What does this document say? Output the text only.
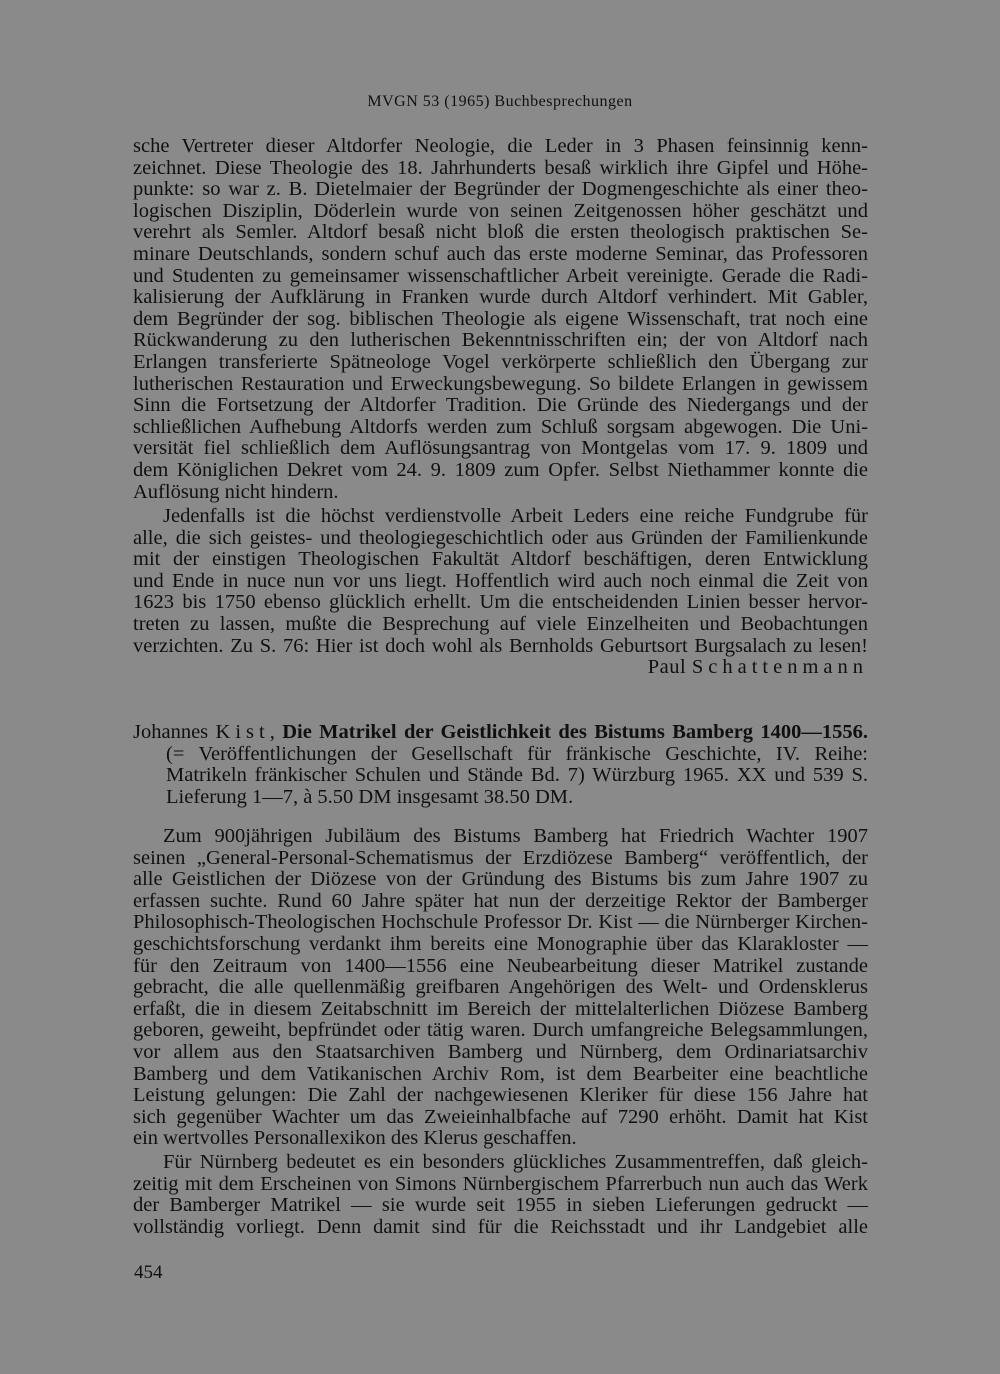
MVGN 53 (1965) Buchbesprechungen
sche Vertreter dieser Altdorfer Neologie, die Leder in 3 Phasen feinsinnig kenn-
zeichnet. Diese Theologie des 18. Jahrhunderts besaß wirklich ihre Gipfel und Höhe-
punkte: so war z. B. Dietelmaier der Begründer der Dogmengeschichte als einer theo-
logischen Disziplin, Döderlein wurde von seinen Zeitgenossen höher geschätzt und
verehrt als Semler. Altdorf besaß nicht bloß die ersten theologisch praktischen Se-
minare Deutschlands, sondern schuf auch das erste moderne Seminar, das Professoren
und Studenten zu gemeinsamer wissenschaftlicher Arbeit vereinigte. Gerade die Radi-
kalisierung der Aufklärung in Franken wurde durch Altdorf verhindert. Mit Gabler,
dem Begründer der sog. biblischen Theologie als eigene Wissenschaft, trat noch eine
Rückwanderung zu den lutherischen Bekenntnisschriften ein; der von Altdorf nach
Erlangen transferierte Spätneologe Vogel verkörperte schließlich den Übergang zur
lutherischen Restauration und Erweckungsbewegung. So bildete Erlangen in gewissem
Sinn die Fortsetzung der Altdorfer Tradition. Die Gründe des Niedergangs und der
schließlichen Aufhebung Altdorfs werden zum Schluß sorgsam abgewogen. Die Uni-
versität fiel schließlich dem Auflösungsantrag von Montgelas vom 17. 9. 1809 und
dem Königlichen Dekret vom 24. 9. 1809 zum Opfer. Selbst Niethammer konnte die
Auflösung nicht hindern.
Jedenfalls ist die höchst verdienstvolle Arbeit Leders eine reiche Fundgrube für
alle, die sich geistes- und theologiegeschichtlich oder aus Gründen der Familienkunde
mit der einstigen Theologischen Fakultät Altdorf beschäftigen, deren Entwicklung
und Ende in nuce nun vor uns liegt. Hoffentlich wird auch noch einmal die Zeit von
1623 bis 1750 ebenso glücklich erhellt. Um die entscheidenden Linien besser hervor-
treten zu lassen, mußte die Besprechung auf viele Einzelheiten und Beobachtungen
verzichten. Zu S. 76: Hier ist doch wohl als Bernholds Geburtsort Burgsalach zu lesen!
Paul Schattenmann
Johannes Kist, Die Matrikel der Geistlichkeit des Bistums Bamberg 1400—1556.
(= Veröffentlichungen der Gesellschaft für fränkische Geschichte, IV. Reihe:
Matrikeln fränkischer Schulen und Stände Bd. 7) Würzburg 1965. XX und 539 S.
Lieferung 1—7, à 5.50 DM insgesamt 38.50 DM.
Zum 900jährigen Jubiläum des Bistums Bamberg hat Friedrich Wachter 1907
seinen „General-Personal-Schematismus der Erzdiözese Bamberg“ veröffentlich, der
alle Geistlichen der Diözese von der Gründung des Bistums bis zum Jahre 1907 zu
erfassen suchte. Rund 60 Jahre später hat nun der derzeitige Rektor der Bamberger
Philosophisch-Theologischen Hochschule Professor Dr. Kist — die Nürnberger Kirchen-
geschichtsforschung verdankt ihm bereits eine Monographie über das Klarakloster —
für den Zeitraum von 1400—1556 eine Neubearbeitung dieser Matrikel zustande
gebracht, die alle quellenmäßig greifbaren Angehörigen des Welt- und Ordensklerus
erfaßt, die in diesem Zeitabschnitt im Bereich der mittelalterlichen Diözese Bamberg
geboren, geweiht, bepfründet oder tätig waren. Durch umfangreiche Belegsammlungen,
vor allem aus den Staatsarchiven Bamberg und Nürnberg, dem Ordinariatsarchiv
Bamberg und dem Vatikanischen Archiv Rom, ist dem Bearbeiter eine beachtliche
Leistung gelungen: Die Zahl der nachgewiesenen Kleriker für diese 156 Jahre hat
sich gegenüber Wachter um das Zweieinhalbfache auf 7290 erhöht. Damit hat Kist
ein wertvolles Personallexikon des Klerus geschaffen.
Für Nürnberg bedeutet es ein besonders glückliches Zusammentreffen, daß gleich-
zeitig mit dem Erscheinen von Simons Nürnbergischem Pfarrerbuch nun auch das Werk
der Bamberger Matrikel — sie wurde seit 1955 in sieben Lieferungen gedruckt —
vollständig vorliegt. Denn damit sind für die Reichsstadt und ihr Landgebiet alle
454
